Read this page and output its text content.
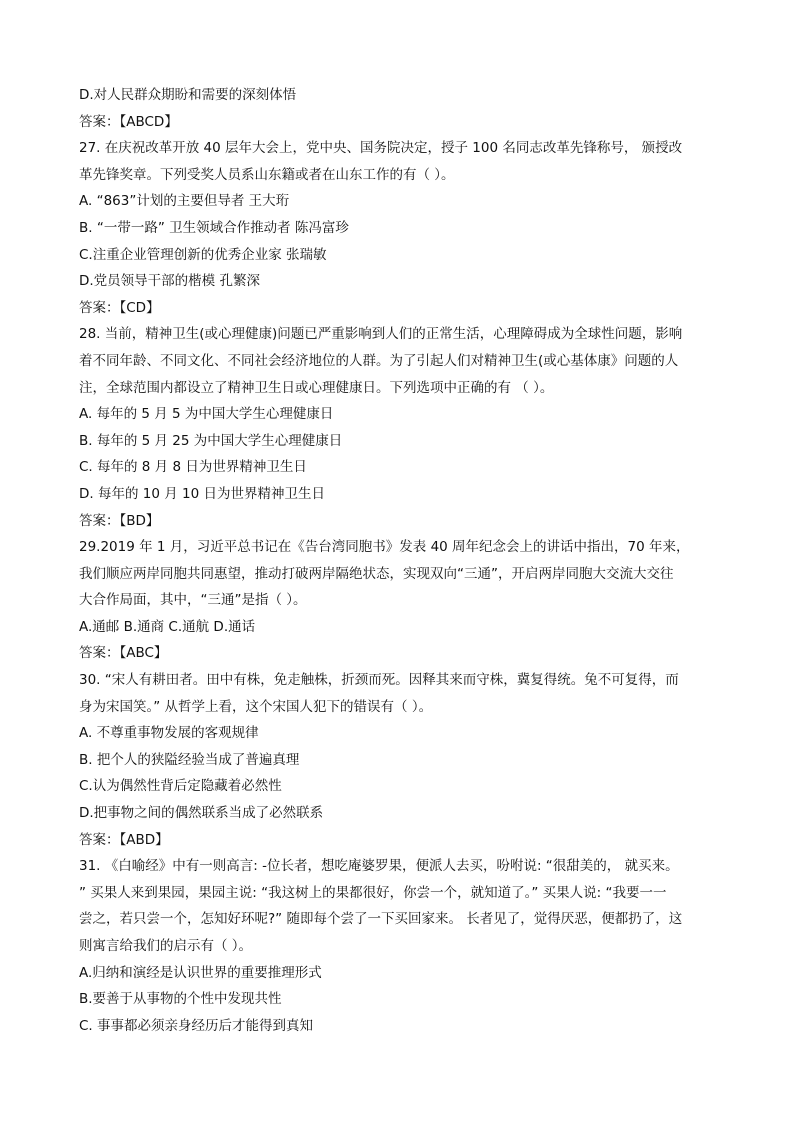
D.对人民群众期盼和需要的深刻体悟
答案：【ABCD】
27. 在庆祝改革开放 40 层年大会上，党中央、国务院决定，授子 100 名同志改革先锋称号， 颁授改
革先锋奖章。下列受奖人员系山东籍或者在山东工作的有（ ）。
A. “863”计划的主要但导者 王大珩
B. “一带一路” 卫生领域合作推动者 陈冯富珍
C.注重企业管理创新的优秀企业家 张瑞敏
D.党员领导干部的楷模 孔繁深
答案：【CD】
28. 当前，精神卫生(或心理健康)问题已严重影响到人们的正常生活，心理障碍成为全球性问题，影响
着不同年龄、不同文化、不同社会经济地位的人群。为了引起人们对精神卫生(或心基体康》问题的人
注，全球范围内都设立了精神卫生日或心理健康日。下列选项中正确的有 （ ）。
A. 每年的 5 月 5 为中国大学生心理健康日
B. 每年的 5 月 25 为中国大学生心理健康日
C. 每年的 8 月 8 日为世界精神卫生日
D. 每年的 10 月 10 日为世界精神卫生日
答案：【BD】
29.2019 年 1 月，习近平总书记在《告台湾同胞书》发表 40 周年纪念会上的讲话中指出，70 年来，
我们顺应两岸同胞共同惠望，推动打破两岸隔绝状态，实现双向“三通”，开启两岸同胞大交流大交往
大合作局面，其中，“三通”是指（ ）。
A.通邮 B.通商 C.通航 D.通话
答案：【ABC】
30. “宋人有耕田者。田中有株，免走触株，折颈而死。因释其来而守株，冀复得统。兔不可复得，而
身为宋国笑。” 从哲学上看，这个宋国人犯下的错误有（ ）。
A. 不尊重事物发展的客观规律
B. 把个人的狭隘经验当成了普遍真理
C.认为偶然性背后定隐藏着必然性
D.把事物之间的偶然联系当成了必然联系
答案：【ABD】
31. 《白喻经》中有一则高言: -位长者，想吃庵婆罗果，便派人去买，吩咐说: “很甜美的， 就买来。
” 买果人来到果园，果园主说: “我这树上的果都很好，你尝一个，就知道了。” 买果人说: “我要一一
尝之，若只尝一个，怎知好环呢?” 随即每个尝了一下买回家来。 长者见了，觉得厌恶，便都扔了，这
则寓言给我们的启示有（ ）。
A.归纳和演经是认识世界的重要推理形式
B.要善于从事物的个性中发现共性
C. 事事都必须亲身经历后才能得到真知
